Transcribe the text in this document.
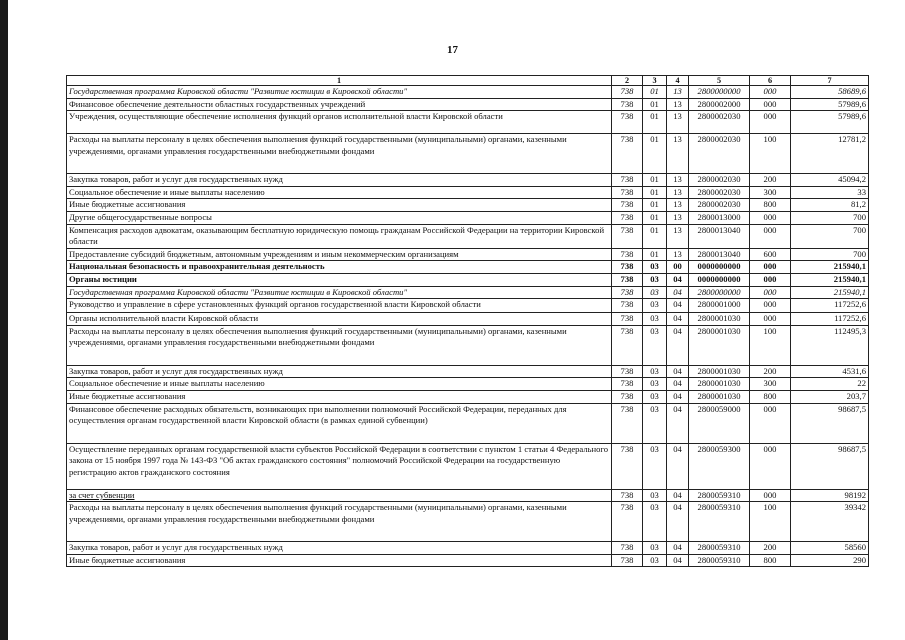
17
1	2	3	4	5	6	7
Государственная программа Кировской области "Развитие юстиции в Кировской области"	738	01	13	2800000000	000	58689,6
Финансовое обеспечение деятельности областных государственных учреждений	738	01	13	2800002000	000	57989,6
Учреждения, осуществляющие обеспечение исполнения функций органов исполнительной власти Кировской области	738	01	13	2800002030	000	57989,6
Расходы на выплаты персоналу в целях обеспечения выполнения функций государственными (муниципальными) органами, казенными учреждениями, органами управления государственными внебюджетными фондами	738	01	13	2800002030	100	12781,2
Закупка товаров, работ и услуг для государственных нужд	738	01	13	2800002030	200	45094,2
Социальное обеспечение и иные выплаты населению	738	01	13	2800002030	300	33
Иные бюджетные ассигнования	738	01	13	2800002030	800	81,2
Другие общегосударственные вопросы	738	01	13	2800013000	000	700
Компенсация расходов адвокатам, оказывающим бесплатную юридическую помощь гражданам Российской Федерации на территории Кировской области	738	01	13	2800013040	000	700
Предоставление субсидий бюджетным, автономным учреждениям и иным некоммерческим организациям	738	01	13	2800013040	600	700
Национальная безопасность и правоохранительная деятельность	738	03	00	0000000000	000	215940,1
Органы юстиции	738	03	04	0000000000	000	215940,1
Государственная программа Кировской области "Развитие юстиции в Кировской области"	738	03	04	2800000000	000	215940,1
Руководство и управление в сфере установленных функций органов государственной власти Кировской области	738	03	04	2800001000	000	117252,6
Органы исполнительной власти Кировской области	738	03	04	2800001030	000	117252,6
Расходы на выплаты персоналу в целях обеспечения выполнения функций государственными (муниципальными) органами, казенными учреждениями, органами управления государственными внебюджетными фондами	738	03	04	2800001030	100	112495,3
Закупка товаров, работ и услуг для государственных нужд	738	03	04	2800001030	200	4531,6
Социальное обеспечение и иные выплаты населению	738	03	04	2800001030	300	22
Иные бюджетные ассигнования	738	03	04	2800001030	800	203,7
Финансовое обеспечение расходных обязательств, возникающих при выполнении полномочий Российской Федерации, переданных для осуществления органам государственной власти Кировской области (в рамках единой субвенции)	738	03	04	2800059000	000	98687,5
Осуществление переданных органам государственной власти субъектов Российской Федерации в соответствии с пунктом 1 статьи 4 Федерального закона от 15 ноября 1997 года № 143-ФЗ "Об актах гражданского состояния" полномочий Российской Федерации на государственную регистрацию актов гражданского состояния	738	03	04	2800059300	000	98687,5
за счет субвенции	738	03	04	2800059310	000	98192
Расходы на выплаты персоналу в целях обеспечения выполнения функций государственными (муниципальными) органами, казенными учреждениями, органами управления государственными внебюджетными фондами	738	03	04	2800059310	100	39342
Закупка товаров, работ и услуг для государственных нужд	738	03	04	2800059310	200	58560
Иные бюджетные ассигнования	738	03	04	2800059310	800	290
